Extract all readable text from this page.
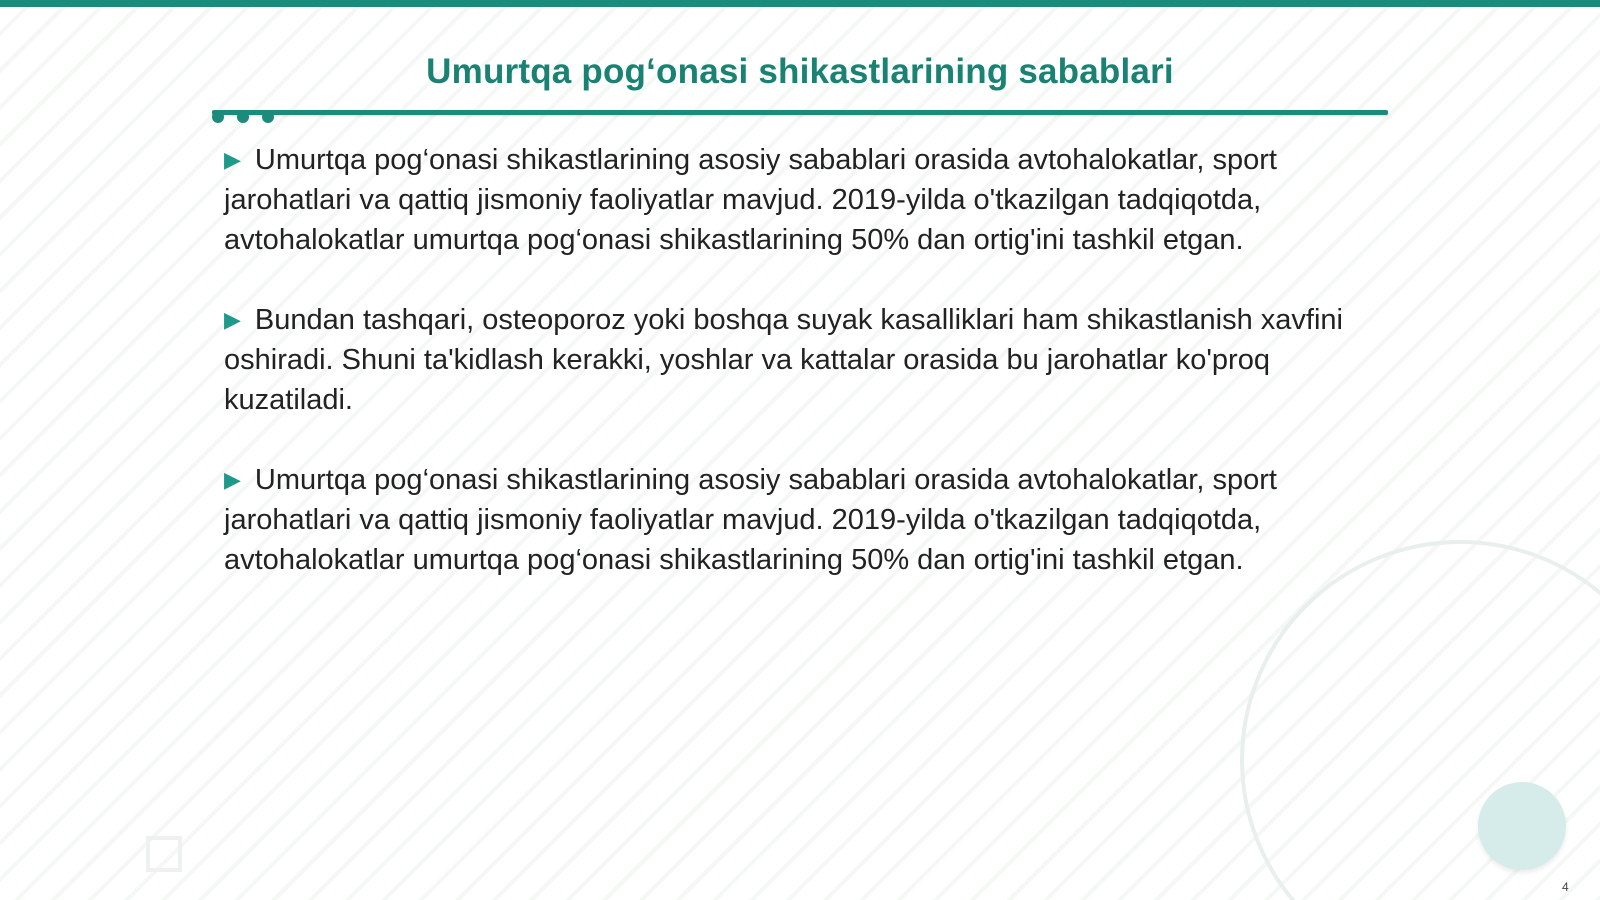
Umurtqa pog‘onasi shikastlarining sabablari

▶ Umurtqa pog‘onasi shikastlarining asosiy sabablari orasida avtohalokatlar, sport jarohatlari va qattiq jismoniy faoliyatlar mavjud. 2019-yilda o'tkazilgan tadqiqotda, avtohalokatlar umurtqa pog‘onasi shikastlarining 50% dan ortig'ini tashkil etgan.

▶ Bundan tashqari, osteoporoz yoki boshqa suyak kasalliklari ham shikastlanish xavfini oshiradi. Shuni ta'kidlash kerakki, yoshlar va kattalar orasida bu jarohatlar ko'proq kuzatiladi.

▶ Umurtqa pog‘onasi shikastlarining asosiy sabablari orasida avtohalokatlar, sport jarohatlari va qattiq jismoniy faoliyatlar mavjud. 2019-yilda o'tkazilgan tadqiqotda, avtohalokatlar umurtqa pog‘onasi shikastlarining 50% dan ortig'ini tashkil etgan.

4
